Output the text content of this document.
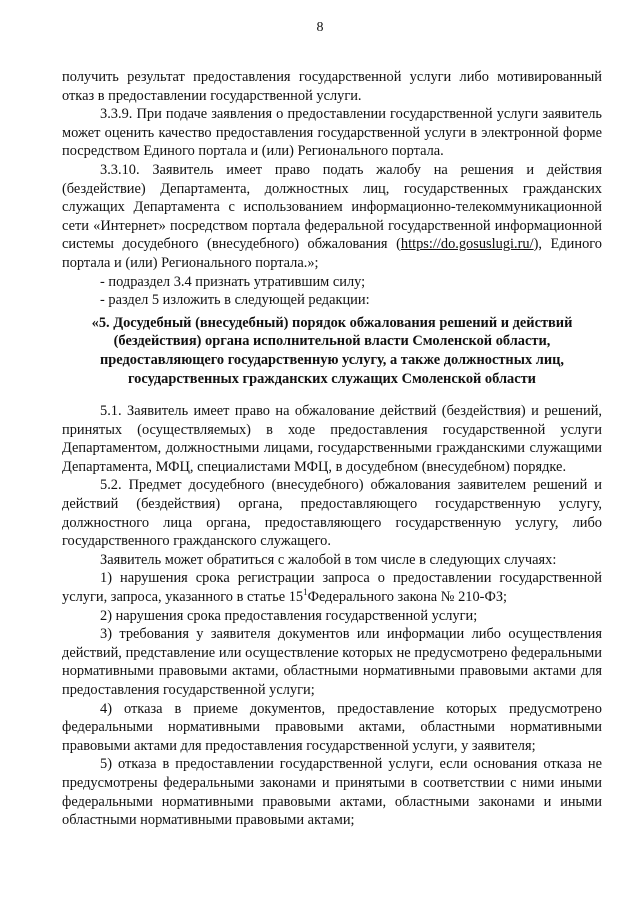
8

получить результат предоставления государственной услуги либо мотивированный отказ в предоставлении государственной услуги.

3.3.9. При подаче заявления о предоставлении государственной услуги заявитель может оценить качество предоставления государственной услуги в электронной форме посредством Единого портала и (или) Регионального портала.

3.3.10. Заявитель имеет право подать жалобу на решения и действия (бездействие) Департамента, должностных лиц, государственных гражданских служащих Департамента с использованием информационно-телекоммуникационной сети «Интернет» посредством портала федеральной государственной информационной системы досудебного (внесудебного) обжалования (https://do.gosuslugi.ru/), Единого портала и (или) Регионального портала.»;

- подраздел 3.4 признать утратившим силу;

- раздел 5 изложить в следующей редакции:

«5. Досудебный (внесудебный) порядок обжалования решений и действий (бездействия) органа исполнительной власти Смоленской области, предоставляющего государственную услугу, а также должностных лиц, государственных гражданских служащих Смоленской области

5.1. Заявитель имеет право на обжалование действий (бездействия) и решений, принятых (осуществляемых) в ходе предоставления государственной услуги Департаментом, должностными лицами, государственными гражданскими служащими Департамента, МФЦ, специалистами МФЦ, в досудебном (внесудебном) порядке.

5.2. Предмет досудебного (внесудебного) обжалования заявителем решений и действий (бездействия) органа, предоставляющего государственную услугу, должностного лица органа, предоставляющего государственную услугу, либо государственного гражданского служащего.

Заявитель может обратиться с жалобой в том числе в следующих случаях:

1) нарушения срока регистрации запроса о предоставлении государственной услуги, запроса, указанного в статье $15^1Федерального$ закона № 210-ФЗ;

2) нарушения срока предоставления государственной услуги;

3) требования у заявителя документов или информации либо осуществления действий, представление или осуществление которых не предусмотрено федеральными нормативными правовыми актами, областными нормативными правовыми актами для предоставления государственной услуги;

4) отказа в приеме документов, предоставление которых предусмотрено федеральными нормативными правовыми актами, областными нормативными правовыми актами для предоставления государственной услуги, у заявителя;

5) отказа в предоставлении государственной услуги, если основания отказа не предусмотрены федеральными законами и принятыми в соответствии с ними иными федеральными нормативными правовыми актами, областными законами и иными областными нормативными правовыми актами;
